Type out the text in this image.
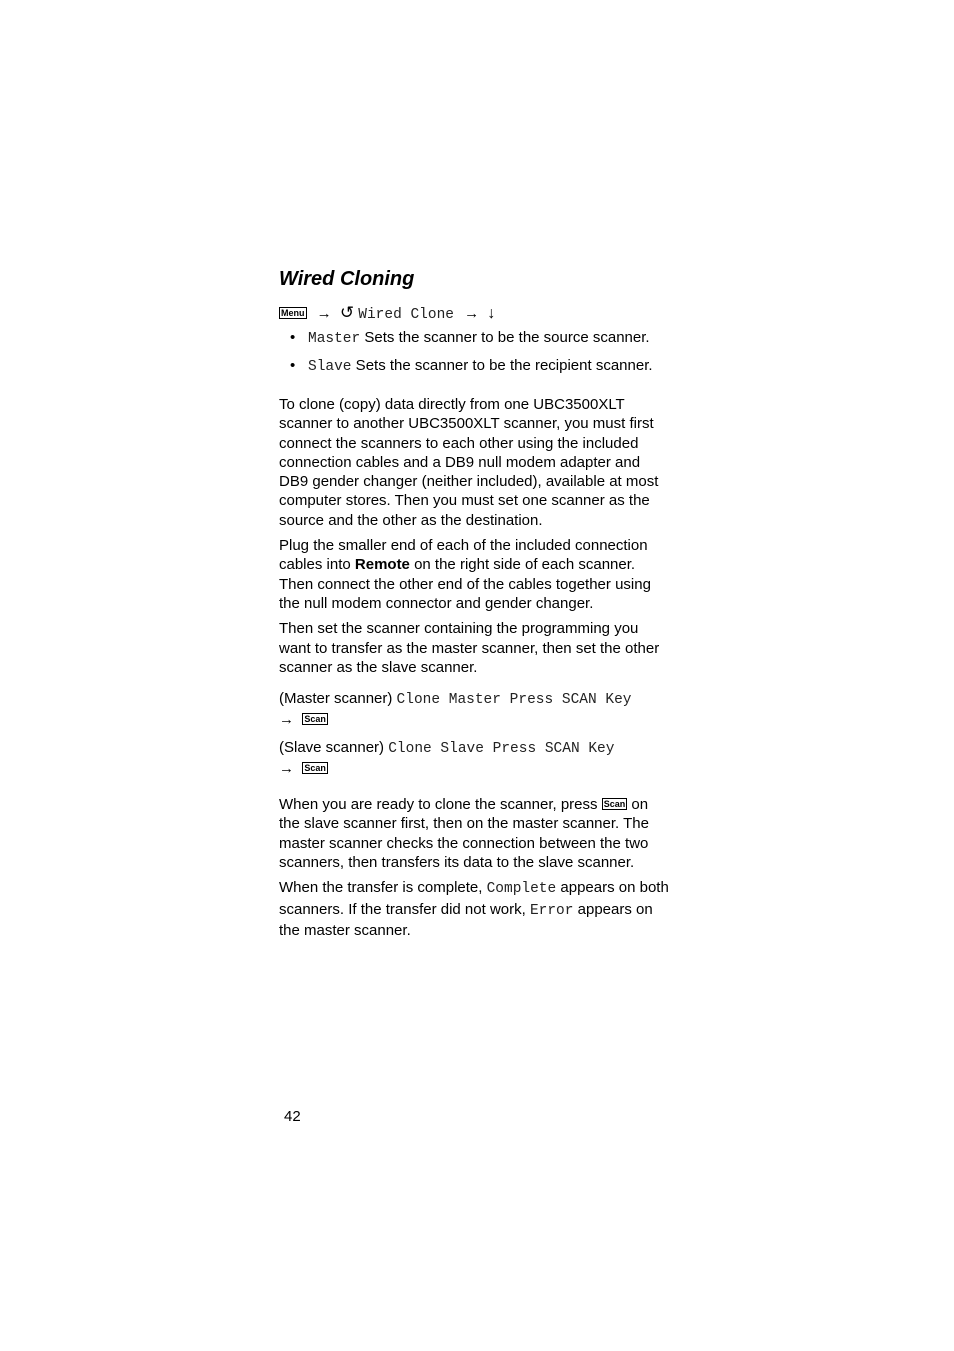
Wired Cloning
Menu → ↺ Wired Clone → ↓
• Master Sets the scanner to be the source scanner.
• Slave Sets the scanner to be the recipient scanner.

To clone (copy) data directly from one UBC3500XLT scanner to another UBC3500XLT scanner, you must first connect the scanners to each other using the included connection cables and a DB9 null modem adapter and DB9 gender changer (neither included), available at most computer stores. Then you must set one scanner as the source and the other as the destination.

Plug the smaller end of each of the included connection cables into Remote on the right side of each scanner. Then connect the other end of the cables together using the null modem connector and gender changer.

Then set the scanner containing the programming you want to transfer as the master scanner, then set the other scanner as the slave scanner.

(Master scanner) Clone Master Press SCAN Key
→ Scan
(Slave scanner) Clone Slave Press SCAN Key
→ Scan

When you are ready to clone the scanner, press Scan on the slave scanner first, then on the master scanner. The master scanner checks the connection between the two scanners, then transfers its data to the slave scanner.

When the transfer is complete, Complete appears on both scanners. If the transfer did not work, Error appears on the master scanner.

42
